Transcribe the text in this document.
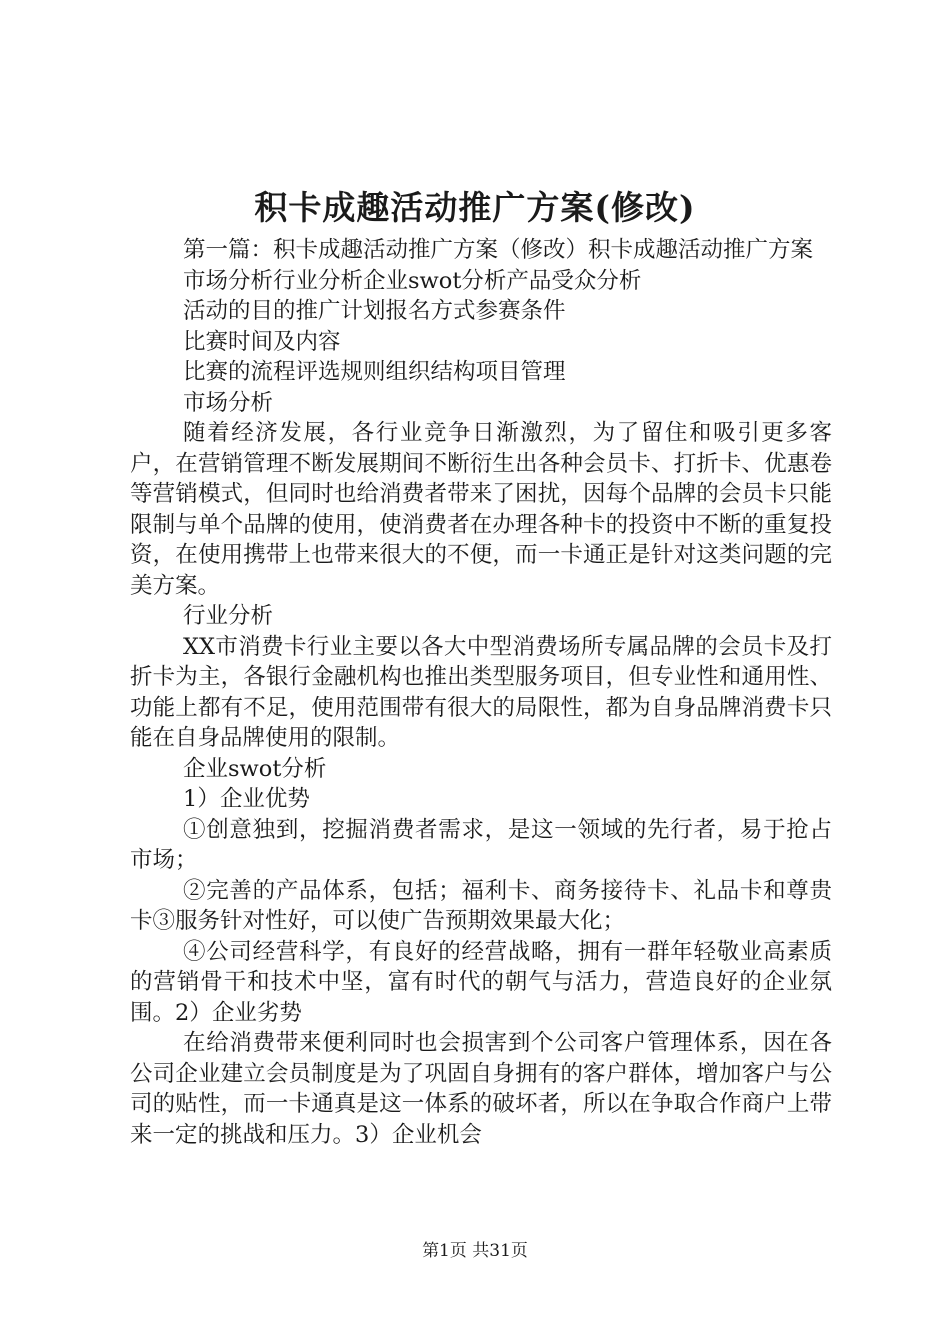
积卡成趣活动推广方案(修改)

第一篇：积卡成趣活动推广方案（修改）积卡成趣活动推广方案

市场分析行业分析企业swot分析产品受众分析

活动的目的推广计划报名方式参赛条件

比赛时间及内容

比赛的流程评选规则组织结构项目管理

市场分析

随着经济发展，各行业竞争日渐激烈，为了留住和吸引更多客户，在营销管理不断发展期间不断衍生出各种会员卡、打折卡、优惠卷等营销模式，但同时也给消费者带来了困扰，因每个品牌的会员卡只能限制与单个品牌的使用，使消费者在办理各种卡的投资中不断的重复投资，在使用携带上也带来很大的不便，而一卡通正是针对这类问题的完美方案。

行业分析

XX市消费卡行业主要以各大中型消费场所专属品牌的会员卡及打折卡为主，各银行金融机构也推出类型服务项目，但专业性和通用性、功能上都有不足，使用范围带有很大的局限性，都为自身品牌消费卡只能在自身品牌使用的限制。

企业swot分析

1）企业优势

①创意独到，挖掘消费者需求，是这一领域的先行者，易于抢占市场；

②完善的产品体系，包括；福利卡、商务接待卡、礼品卡和尊贵卡③服务针对性好，可以使广告预期效果最大化；

④公司经营科学，有良好的经营战略，拥有一群年轻敬业高素质的营销骨干和技术中坚，富有时代的朝气与活力，营造良好的企业氛围。2）企业劣势

在给消费带来便利同时也会损害到个公司客户管理体系，因在各公司企业建立会员制度是为了巩固自身拥有的客户群体，增加客户与公司的贴性，而一卡通真是这一体系的破坏者，所以在争取合作商户上带来一定的挑战和压力。3）企业机会

第1页 共31页
